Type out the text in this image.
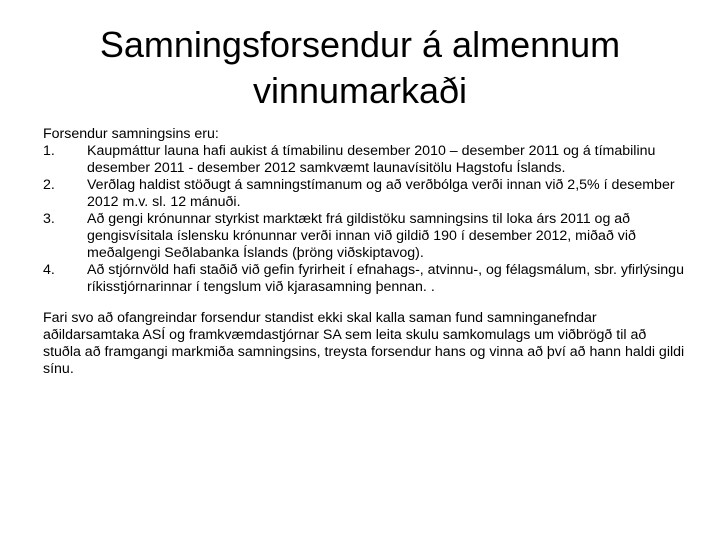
Samningsforsendur á almennum vinnumarkaði

Forsendur samningsins eru:

1.	Kaupmáttur launa hafi aukist á tímabilinu desember 2010 – desember 2011 og á tímabilinu desember 2011 - desember 2012 samkvæmt launavísitölu Hagstofu Íslands.
2.	Verðlag haldist stöðugt á samningstímanum og að verðbólga verði innan við 2,5% í desember 2012 m.v. sl. 12 mánuði.
3.	Að gengi krónunnar styrkist marktækt frá gildistöku samningsins til loka árs 2011 og að gengisvísitala íslensku krónunnar verði innan við gildið 190 í desember 2012, miðað við meðalgengi Seðlabanka Íslands (þröng viðskiptavog).
4.	Að stjórnvöld hafi staðið við gefin fyrirheit í efnahags-, atvinnu-, og félagsmálum, sbr. yfirlýsingu ríkisstjórnarinnar í tengslum við kjarasamning þennan. .

Fari svo að ofangreindar forsendur standist ekki skal kalla saman fund samninganefndar aðildarsamtaka ASÍ og framkvæmdastjórnar SA sem leita skulu samkomulags um viðbrögð til að stuðla að framgangi markmiða samningsins, treysta forsendur hans og vinna að því að hann haldi gildi sínu.
